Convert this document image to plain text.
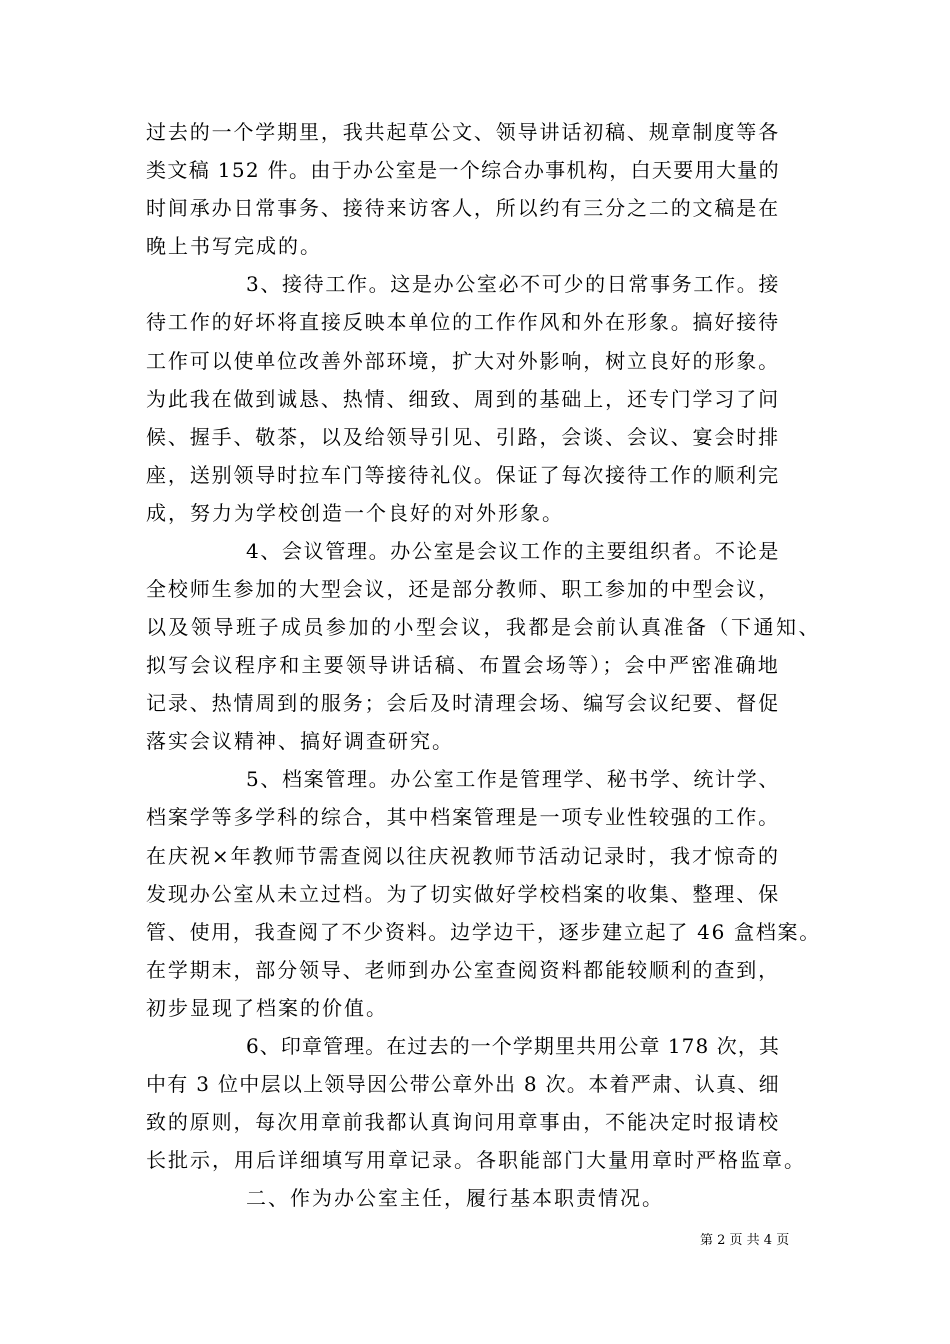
过去的一个学期里，我共起草公文、领导讲话初稿、规章制度等各
类文稿 152 件。由于办公室是一个综合办事机构，白天要用大量的
时间承办日常事务、接待来访客人，所以约有三分之二的文稿是在
晚上书写完成的。
3、接待工作。这是办公室必不可少的日常事务工作。接
待工作的好坏将直接反映本单位的工作作风和外在形象。搞好接待
工作可以使单位改善外部环境，扩大对外影响，树立良好的形象。
为此我在做到诚恳、热情、细致、周到的基础上，还专门学习了问
候、握手、敬茶，以及给领导引见、引路，会谈、会议、宴会时排
座，送别领导时拉车门等接待礼仪。保证了每次接待工作的顺利完
成，努力为学校创造一个良好的对外形象。
4、会议管理。办公室是会议工作的主要组织者。不论是
全校师生参加的大型会议，还是部分教师、职工参加的中型会议，
以及领导班子成员参加的小型会议，我都是会前认真准备（下通知、
拟写会议程序和主要领导讲话稿、布置会场等）；会中严密准确地
记录、热情周到的服务；会后及时清理会场、编写会议纪要、督促
落实会议精神、搞好调查研究。
5、档案管理。办公室工作是管理学、秘书学、统计学、
档案学等多学科的综合，其中档案管理是一项专业性较强的工作。
在庆祝×年教师节需查阅以往庆祝教师节活动记录时，我才惊奇的
发现办公室从未立过档。为了切实做好学校档案的收集、整理、保
管、使用，我查阅了不少资料。边学边干，逐步建立起了 46 盒档案。
在学期末，部分领导、老师到办公室查阅资料都能较顺利的查到，
初步显现了档案的价值。
6、印章管理。在过去的一个学期里共用公章 178 次，其
中有 3 位中层以上领导因公带公章外出 8 次。本着严肃、认真、细
致的原则，每次用章前我都认真询问用章事由，不能决定时报请校
长批示，用后详细填写用章记录。各职能部门大量用章时严格监章。
二、作为办公室主任，履行基本职责情况。
第 2 页 共 4 页
